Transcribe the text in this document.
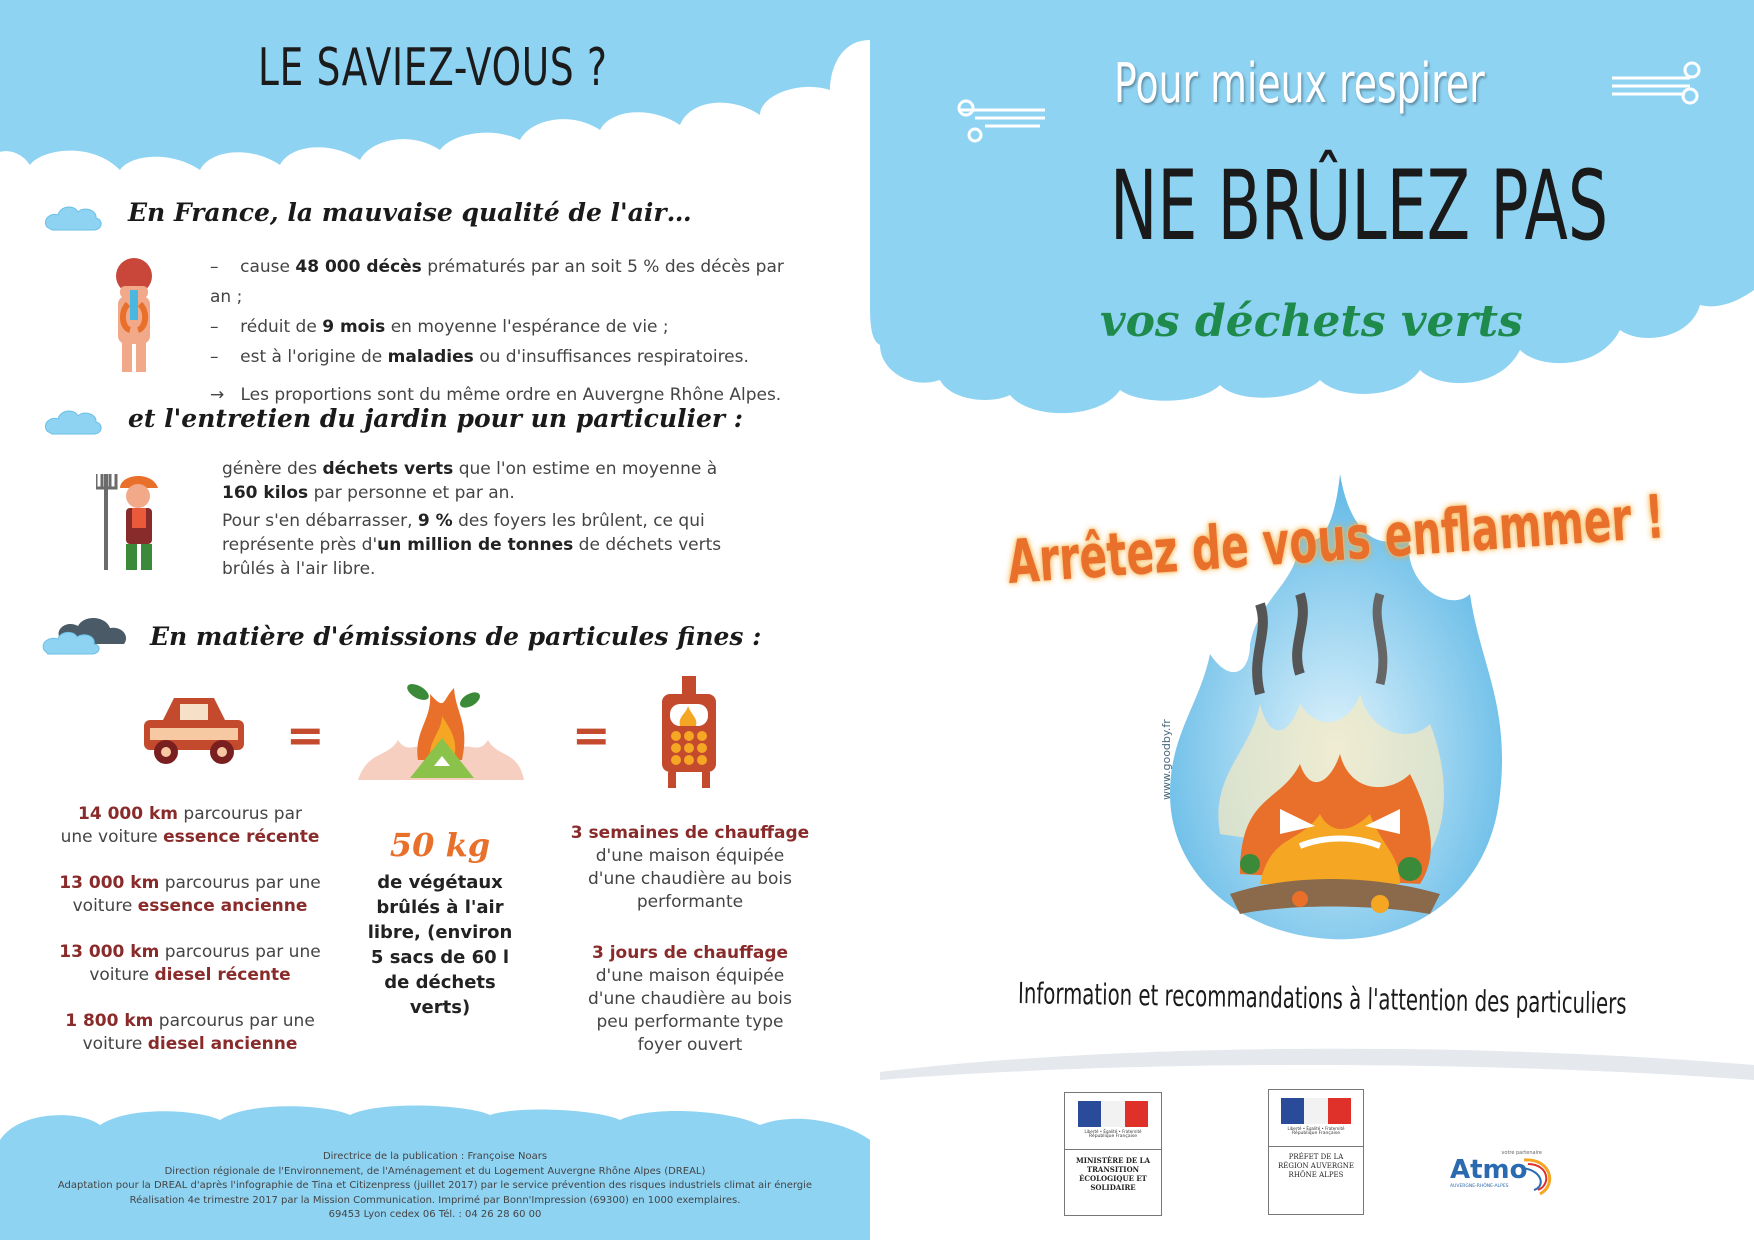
LE SAVIEZ-VOUS ?
En France, la mauvaise qualité de l'air…
–    cause 48 000 décès prématurés par an soit 5 % des décès par an ;
–    réduit de 9 mois en moyenne l'espérance de vie ;
–    est à l'origine de maladies ou d'insuffisances respiratoires.
→   Les proportions sont du même ordre en Auvergne Rhône Alpes.
et l'entretien du jardin pour un particulier :
génère des déchets verts que l'on estime en moyenne à
160 kilos par personne et par an.
Pour s'en débarrasser, 9 % des foyers les brûlent, ce qui
représente près d'un million de tonnes de déchets verts
brûlés à l'air libre.
En matière d'émissions de particules fines :
=	=
14 000 km parcourus par
une voiture essence récente
13 000 km parcourus par une
voiture essence ancienne
13 000 km parcourus par une
voiture diesel récente
1 800 km parcourus par une
voiture diesel ancienne
50 kg
de végétaux
brûlés à l'air
libre, (environ
5 sacs de 60 l
de déchets
verts)
3 semaines de chauffage
d'une maison équipée
d'une chaudière au bois
performante
3 jours de chauffage
d'une maison équipée
d'une chaudière au bois
peu performante type
foyer ouvert
Directrice de la publication : Françoise Noars
Direction régionale de l'Environnement, de l'Aménagement et du Logement Auvergne Rhône Alpes (DREAL)
Adaptation pour la DREAL d'après l'infographie de Tina et Citizenpress (juillet 2017) par le service prévention des risques industriels climat air énergie
Réalisation 4e trimestre 2017 par la Mission Communication. Imprimé par Bonn'Impression (69300) en 1000 exemplaires.
69453 Lyon cedex 06 Tél. : 04 26 28 60 00
Pour mieux respirer
NE BRÛLEZ PAS
vos déchets verts
www.goodby.fr
Arrêtez de vous enflammer !
Information et recommandations à l'attention des particuliers
Liberté • Égalité • Fraternité
République Française
MINISTÈRE DE LA TRANSITION ÉCOLOGIQUE ET SOLIDAIRE
Liberté • Égalité • Fraternité
République Française
PRÉFET DE LA RÉGION AUVERGNE RHÔNE ALPES
votre partenaire
Atmo
AUVERGNE-RHÔNE-ALPES
